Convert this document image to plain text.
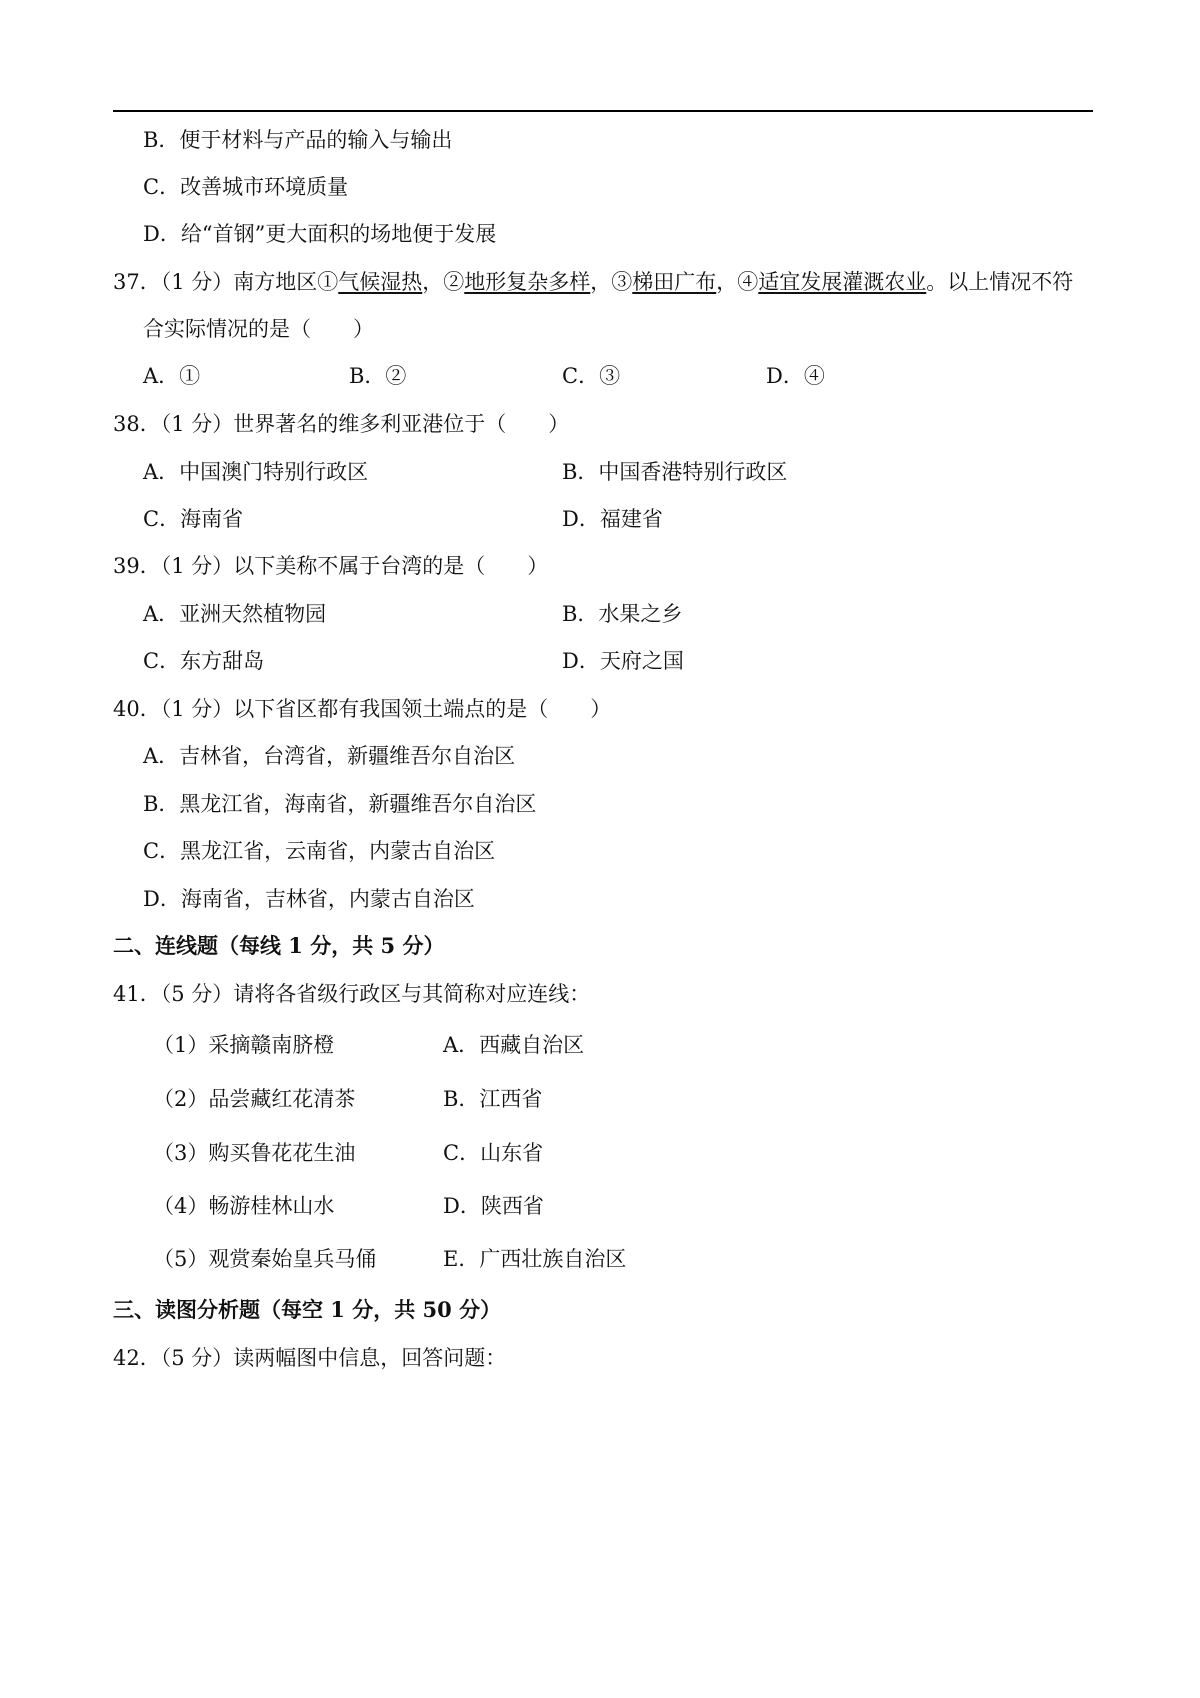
B．便于材料与产品的输入与输出
C．改善城市环境质量
D．给“首钢”更大面积的场地便于发展
37．（1 分）南方地区①气候湿热，②地形复杂多样，③梯田广布，④适宜发展灌溉农业。以上情况不符
合实际情况的是（　　）
A．①	B．②	C．③	D．④
38．（1 分）世界著名的维多利亚港位于（　　）
A．中国澳门特别行政区	B．中国香港特别行政区
C．海南省	D．福建省
39．（1 分）以下美称不属于台湾的是（　　）
A．亚洲天然植物园	B．水果之乡
C．东方甜岛	D．天府之国
40．（1 分）以下省区都有我国领土端点的是（　　）
A．吉林省，台湾省，新疆维吾尔自治区
B．黑龙江省，海南省，新疆维吾尔自治区
C．黑龙江省，云南省，内蒙古自治区
D．海南省，吉林省，内蒙古自治区
二、连线题（每线 1 分，共 5 分）
41．（5 分）请将各省级行政区与其简称对应连线：
（1）采摘赣南脐橙	A．西藏自治区
（2）品尝藏红花清茶	B．江西省
（3）购买鲁花花生油	C．山东省
（4）畅游桂林山水	D．陕西省
（5）观赏秦始皇兵马俑	E．广西壮族自治区
三、读图分析题（每空 1 分，共 50 分）
42．（5 分）读两幅图中信息，回答问题：
